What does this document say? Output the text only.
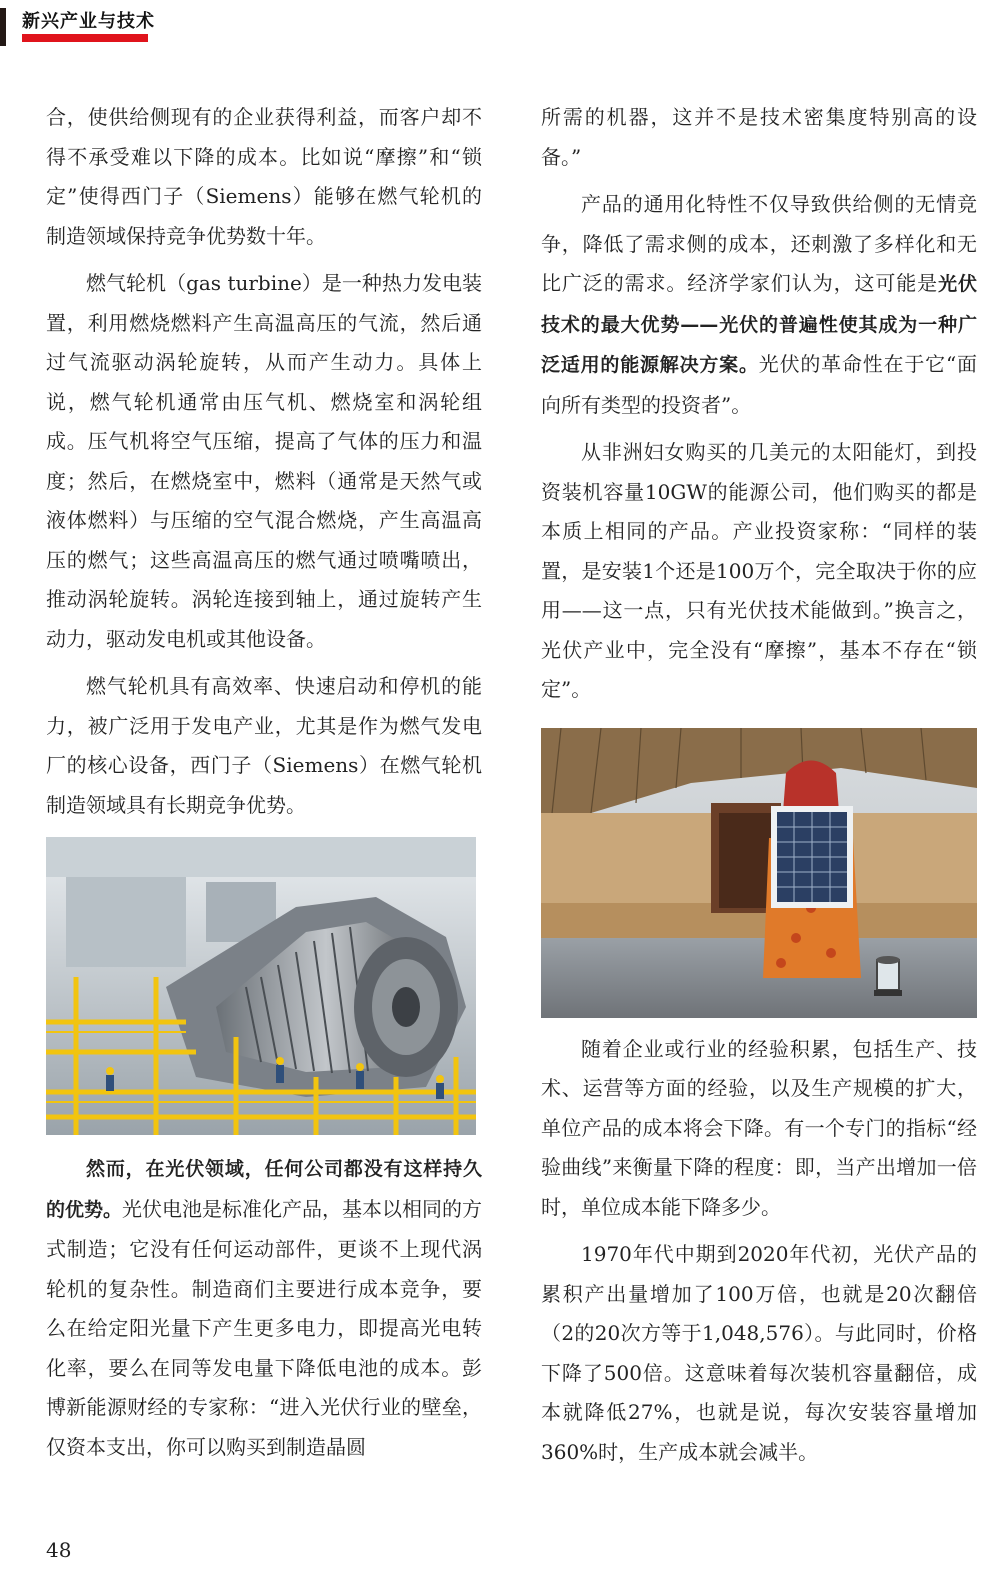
新兴产业与技术

合，使供给侧现有的企业获得利益，而客户却不得不承受难以下降的成本。比如说“摩擦”和“锁定”使得西门子（Siemens）能够在燃气轮机的制造领域保持竞争优势数十年。

燃气轮机（gas turbine）是一种热力发电装置，利用燃烧燃料产生高温高压的气流，然后通过气流驱动涡轮旋转，从而产生动力。具体上说，燃气轮机通常由压气机、燃烧室和涡轮组成。压气机将空气压缩，提高了气体的压力和温度；然后，在燃烧室中，燃料（通常是天然气或液体燃料）与压缩的空气混合燃烧，产生高温高压的燃气；这些高温高压的燃气通过喷嘴喷出，推动涡轮旋转。涡轮连接到轴上，通过旋转产生动力，驱动发电机或其他设备。

燃气轮机具有高效率、快速启动和停机的能力，被广泛用于发电产业，尤其是作为燃气发电厂的核心设备，西门子（Siemens）在燃气轮机制造领域具有长期竞争优势。

然而，在光伏领域，任何公司都没有这样持久的优势。光伏电池是标准化产品，基本以相同的方式制造；它没有任何运动部件，更谈不上现代涡轮机的复杂性。制造商们主要进行成本竞争，要么在给定阳光量下产生更多电力，即提高光电转化率，要么在同等发电量下降低电池的成本。彭博新能源财经的专家称：“进入光伏行业的壁垒，仅资本支出，你可以购买到制造晶圆

所需的机器，这并不是技术密集度特别高的设备。”

产品的通用化特性不仅导致供给侧的无情竞争，降低了需求侧的成本，还刺激了多样化和无比广泛的需求。经济学家们认为，这可能是光伏技术的最大优势——光伏的普遍性使其成为一种广泛适用的能源解决方案。光伏的革命性在于它“面向所有类型的投资者”。

从非洲妇女购买的几美元的太阳能灯，到投资装机容量10GW的能源公司，他们购买的都是本质上相同的产品。产业投资家称：“同样的装置，是安装1个还是100万个，完全取决于你的应用——这一点，只有光伏技术能做到。”换言之，光伏产业中，完全没有“摩擦”，基本不存在“锁定”。

随着企业或行业的经验积累，包括生产、技术、运营等方面的经验，以及生产规模的扩大，单位产品的成本将会下降。有一个专门的指标“经验曲线”来衡量下降的程度：即，当产出增加一倍时，单位成本能下降多少。

1970年代中期到2020年代初，光伏产品的累积产出量增加了100万倍，也就是20次翻倍（2的20次方等于1,048,576）。与此同时，价格下降了500倍。这意味着每次装机容量翻倍，成本就降低27%，也就是说，每次安装容量增加360%时，生产成本就会减半。

48
